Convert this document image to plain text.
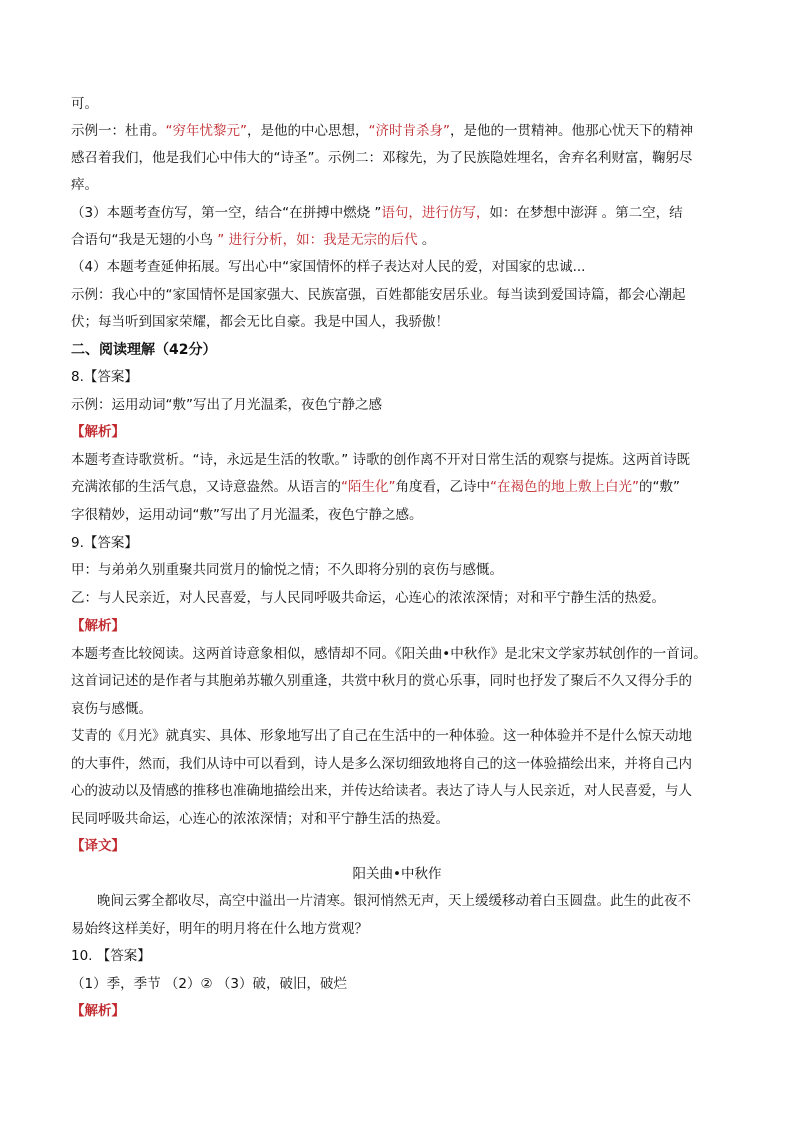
可。
示例一：杜甫。“穷年忧黎元”，是他的中心思想，“济时肯杀身”，是他的一贯精神。他那心忧天下的精神
感召着我们，他是我们心中伟大的“诗圣”。示例二：邓稼先，为了民族隐姓埋名，舍弃名利财富，鞠躬尽
瘁。
（3）本题考查仿写，第一空，结合“在拼搏中燃烧 ”语句，进行仿写，如：在梦想中澎湃 。第二空，结
合语句“我是无翅的小鸟 ” 进行分析，如：我是无宗的后代 。
（4）本题考查延伸拓展。写出心中“家国情怀的样子表达对人民的爱，对国家的忠诚...
示例：我心中的“家国情怀是国家强大、民族富强，百姓都能安居乐业。每当读到爱国诗篇，都会心潮起
伏；每当听到国家荣耀，都会无比自豪。我是中国人，我骄傲！
二、阅读理解（42分）
8.【答案】
示例：运用动词“敷”写出了月光温柔，夜色宁静之感
【解析】
本题考查诗歌赏析。“诗，永远是生活的牧歌。” 诗歌的创作离不开对日常生活的观察与提炼。这两首诗既
充满浓郁的生活气息，又诗意盎然。从语言的“陌生化”角度看，乙诗中“在褐色的地上敷上白光”的“敷”
字很精妙，运用动词“敷”写出了月光温柔，夜色宁静之感。
9.【答案】
甲：与弟弟久别重聚共同赏月的愉悦之情；不久即将分别的哀伤与感慨。
乙：与人民亲近，对人民喜爱，与人民同呼吸共命运，心连心的浓浓深情；对和平宁静生活的热爱。
【解析】
本题考查比较阅读。这两首诗意象相似，感情却不同。《阳关曲•中秋作》是北宋文学家苏轼创作的一首词。
这首词记述的是作者与其胞弟苏辙久别重逢，共赏中秋月的赏心乐事，同时也抒发了聚后不久又得分手的
哀伤与感慨。
艾青的《月光》就真实、具体、形象地写出了自己在生活中的一种体验。这一种体验并不是什么惊天动地
的大事件，然而，我们从诗中可以看到，诗人是多么深切细致地将自己的这一体验描绘出来，并将自己内
心的波动以及情感的推移也准确地描绘出来，并传达给读者。表达了诗人与人民亲近，对人民喜爱，与人
民同呼吸共命运，心连心的浓浓深情；对和平宁静生活的热爱。
【译文】
阳关曲•中秋作
晚间云雾全都收尽，高空中溢出一片清寒。银河悄然无声，天上缓缓移动着白玉圆盘。此生的此夜不
易始终这样美好，明年的明月将在什么地方赏观？
10. 【答案】
（1）季，季节 （2）② （3）破，破旧，破烂
【解析】
